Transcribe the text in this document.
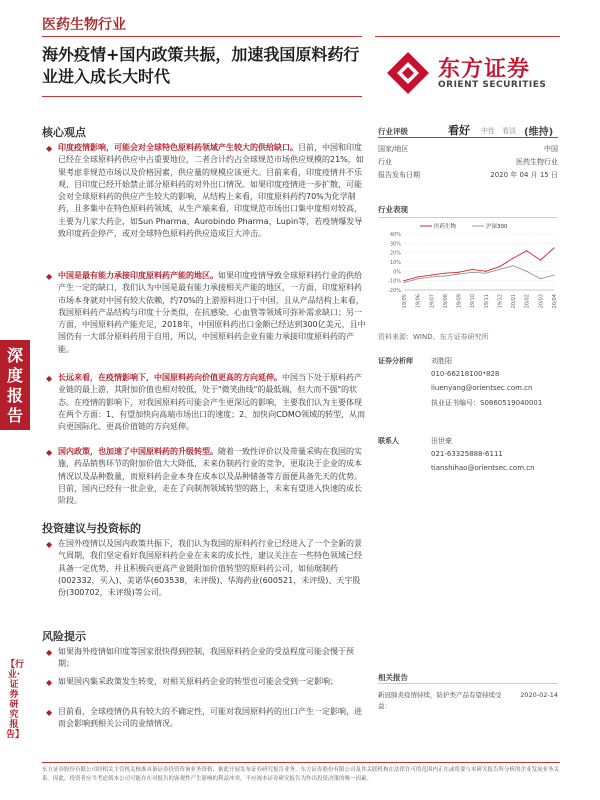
医药生物行业
海外疫情+国内政策共振，加速我国原料药行业进入成长大时代	东方证券
ORIENT SECURITIES
深度报告
【行业·证券研究报告】
核心观点
◆ 印度疫情影响，可能会对全球特色原料药领域产生较大的供给缺口。目前，中国和印度已经在全球原料药供应中占重要地位，二者合计约占全球规范市场供应规模的21%，如果考虑非规范市场以及价格因素，供应量的规模应该更大。目前来看，印度疫情并不乐观，目印度已经开始禁止部分原料药的对外出口情况。如果印度疫情进一步扩散，可能会对全球原料药的供应产生较大的影响，从结构上来看，印度原料药约70%为化学制药，且多集中在特色原料药领域，从生产端来看，印度规范市场出口集中度相对较高，主要为几家大药企，如Sun Pharma、Aurobindo Pharma、Lupin等，若疫情爆发导致印度药企停产，或对全球特色原料药供应造成巨大冲击。
◆ 中国是最有能力承接印度原料药产能的地区。如果印度疫情导致全球原料药行业的供给产生一定的缺口，我们认为中国是最有能力承接相关产能的地区，一方面，印度原料药市场本身就对中国有较大依赖，约70%的上游原料进口于中国，且从产品结构上来看，我国原料药产品结构与印度十分类似，在抗感染、心血管等领域可弥补需求缺口；另一方面，中国原料药产能充足，2018年，中国原料药出口金额已经达到300亿美元，且中国仍有一大部分原料药用于自用，所以，中国原料药企业有能力承接印度原料药的产能。
◆ 长远来看，在疫情影响下，中国原料药向价值更高的方向延伸。中国当下处于原料药产业链的最上游，其附加价值也相对较低，处于"微笑曲线"的最低端，但大而不强"的状态。在疫情的影响下，对我国原料药可能会产生更深远的影响，主要我们认为主要体现在两个方面：1、有望加快向高端市场出口的速度；2、加快向CDMO领域的转型，从而向更国际化、更高价值链的方向延伸。
◆ 国内政策，也加速了中国原料药的升级转型。随着一致性评价以及带量采购在我国的实施，药品销售环节的附加价值大大降低，未来仿制药行业的竞争，更取决于企业的成本情况以及品种数量，而原料药企业本身在成本以及品种储备等方面便具备先天的优势。目前，国内已经有一批企业，走在了向制剂领域转型的路上，未来有望进入快速的成长阶段。
投资建议与投资标的
◆ 在国外疫情以及国内政策共振下，我们认为我国的原料药行业已经进入了一个全新的景气周期，我们坚定看好我国原料药企业在未来的成长性，建议关注在一些特色领域已经具备一定优势，并且积极向更高产业链附加价值转型的原料药公司，如仙琚制药(002332，买入)、美诺华(603538，未评级)、华海药业(600521，未评级)、天宇股份(300702，未评级)等公司。
风险提示
◆ 如果海外疫情如印度等国家很快得到控制，我国原料药企业的受益程度可能会慢于预期；
◆ 如果国内集采政策发生转变，对相关原料药企业的转型也可能会受到一定影响；
◆ 目前看，全球疫情仍具有较大的不确定性，可能对我国原料药的出口产生一定影响，进而会影响到相关公司的业绩情况。
行业评级	看好 中性 看淡 (维持)
国家/地区	中国
行业	医药生物行业
报告发布日期	2020 年 04 月 15 日
行业表现
40%
30%
20%
10%
0%
-10%
-20%
19/05 19/06 19/07 19/08 19/09 19/10 19/11 19/12 20/01 20/02 20/03 20/04
医药生物	沪深300
资料来源：WIND、东方证券研究所
证券分析师	刘胜阳
010-66218100*828
liuenyang@orientsec.com.cn
执业证书编号：S0860519040001
联系人	田世豪
021-63325888-6111
tianshihao@orientsec.com.cn
相关报告
新冠肺炎疫情持续，防护类产品有望持续受益：
2020-02-14
东方证券股份有限公司经相关主管机关核准具备证券投资咨询业务资格，据此开展发布证券研究报告业务。东方证券股份有限公司及其关联机构在法律许可的范围内正在或将要与本研究报告所分析的企业发展业务关系。因此，投资者应当考虑到本公司可能存在对报告的客观性产生影响的利益冲突，不应视本证券研究报告为作出投资决策的唯一因素。
